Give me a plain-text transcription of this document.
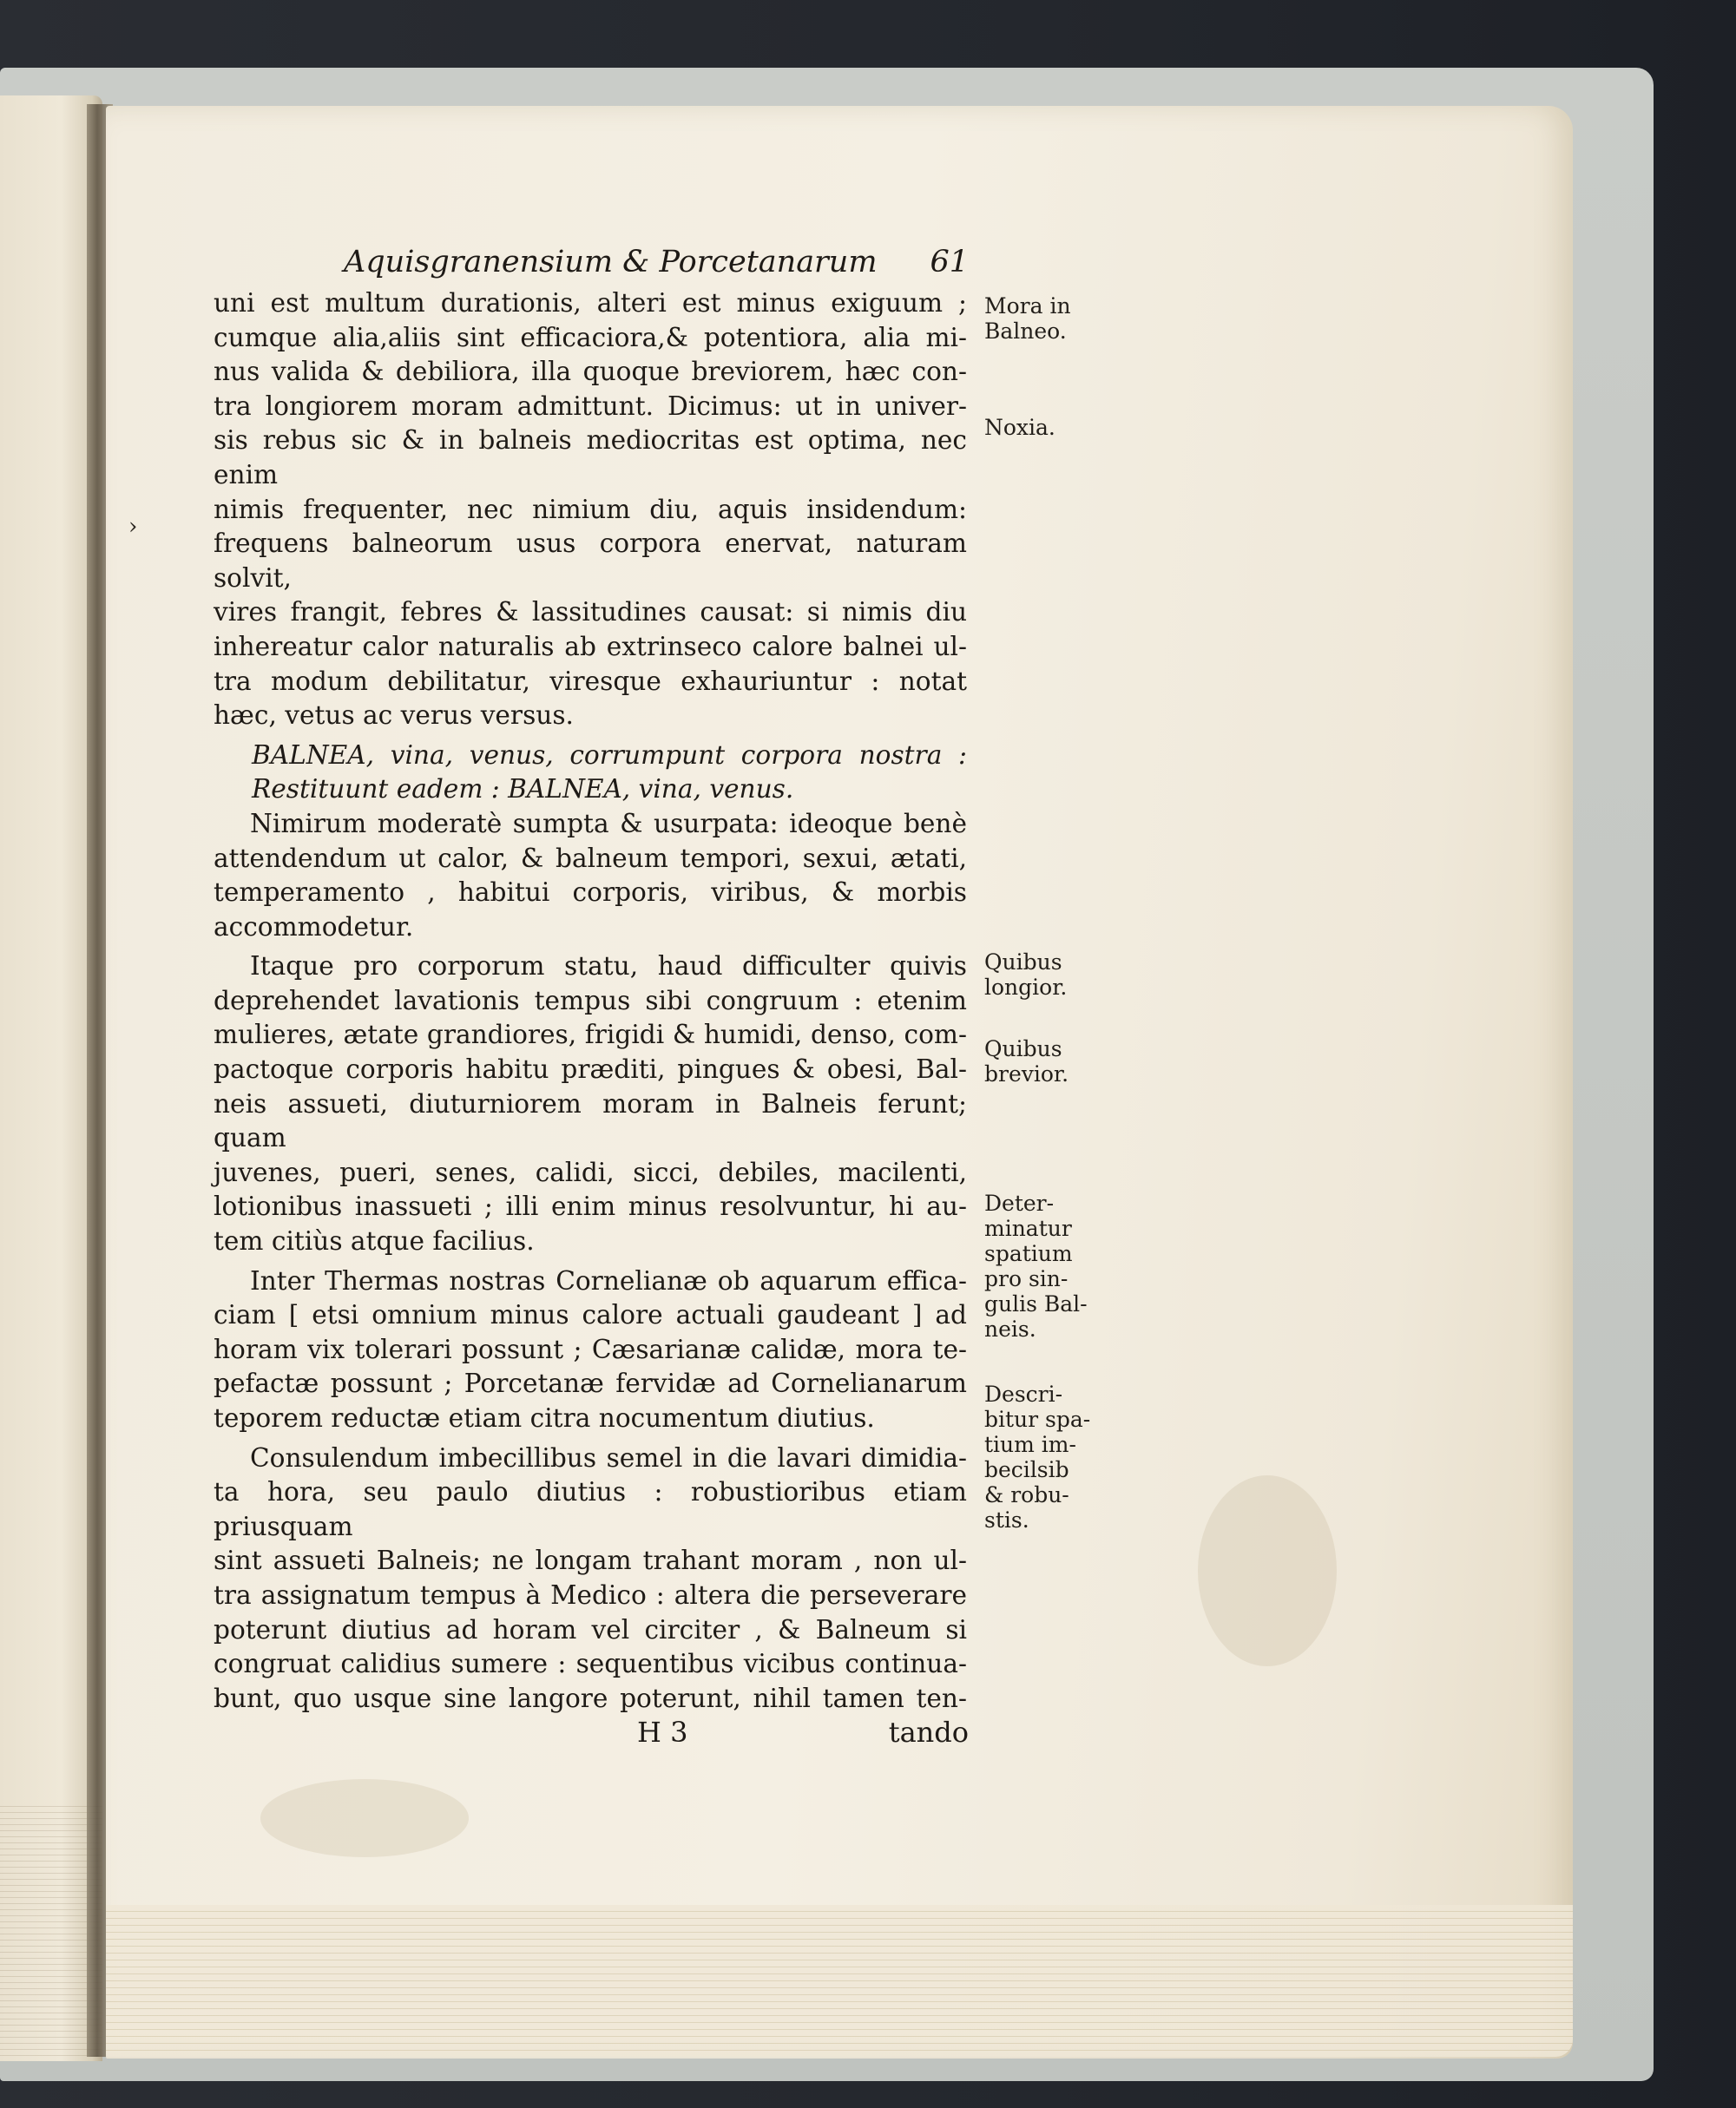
›
Aquisgranensium & Porcetanarum 61

uni est multum durationis, alteri est minus exiguum ;

cumque alia,aliis sint efficaciora,& potentiora, alia mi-

nus valida & debiliora, illa quoque breviorem, hæc con-

tra longiorem moram admittunt. Dicimus: ut in univer-

sis rebus sic & in balneis mediocritas est optima, nec enim

nimis frequenter, nec nimium diu, aquis insidendum:

frequens balneorum usus corpora enervat, naturam solvit,

vires frangit, febres & lassitudines causat: si nimis diu

inhereatur calor naturalis ab extrinseco calore balnei ul-

tra modum debilitatur, viresque exhauriuntur : notat

hæc, vetus ac verus versus.

BALNEA, vina, venus, corrumpunt corpora nostra :

Restituunt eadem : BALNEA, vina, venus.

Nimirum moderatè sumpta & usurpata: ideoque benè

attendendum ut calor, & balneum tempori, sexui, ætati,

temperamento , habitui corporis, viribus, & morbis

accommodetur.

Itaque pro corporum statu, haud difficulter quivis

deprehendet lavationis tempus sibi congruum : etenim

mulieres, ætate grandiores, frigidi & humidi, denso, com-

pactoque corporis habitu præditi, pingues & obesi, Bal-

neis assueti, diuturniorem moram in Balneis ferunt; quam

juvenes, pueri, senes, calidi, sicci, debiles, macilenti,

lotionibus inassueti ; illi enim minus resolvuntur, hi au-

tem citiùs atque facilius.

Inter Thermas nostras Cornelianæ ob aquarum effica-

ciam [ etsi omnium minus calore actuali gaudeant ] ad

horam vix tolerari possunt ; Cæsarianæ calidæ, mora te-

pefactæ possunt ; Porcetanæ fervidæ ad Cornelianarum

teporem reductæ etiam citra nocumentum diutius.

Consulendum imbecillibus semel in die lavari dimidia-

ta hora, seu paulo diutius : robustioribus etiam priusquam

sint assueti Balneis; ne longam trahant moram , non ul-

tra assignatum tempus à Medico : altera die perseverare

poterunt diutius ad horam vel circiter , & Balneum si

congruat calidius sumere : sequentibus vicibus continua-

bunt, quo usque sine langore poterunt, nihil tamen ten-

H 3	tando
Mora in
Balneo.
Noxia.
Quibus
longior.
Quibus
brevior.
Deter-
minatur
spatium
pro sin-
gulis Bal-
neis.
Descri-
bitur spa-
tium im-
becilsib
& robu-
stis.
